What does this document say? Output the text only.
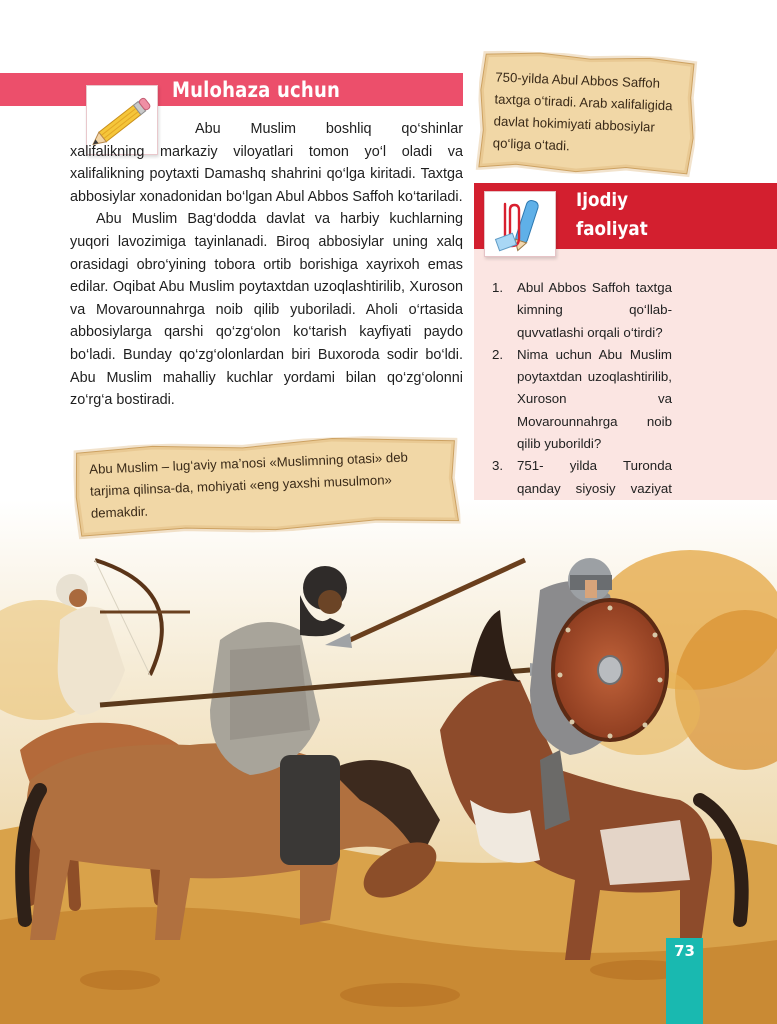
Mulohaza uchun

Abu Muslim boshliq qo‘shinlar xalifalikning markaziy viloyatlari tomon yo‘l oladi va xalifalikning poytaxti Damashq shahrini qo‘lga kiritadi. Taxtga abbosiylar xonadonidan bo‘lgan Abul Abbos Saffoh ko‘tariladi.

Abu Muslim Bag‘dodda davlat va harbiy kuchlarning yuqori lavozimiga tayinlanadi. Biroq abbosiylar uning xalq orasidagi obro‘yining tobora ortib borishiga xayrixoh emas edilar. Oqibat Abu Muslim poytaxtdan uzoqlashtirilib, Xuroson va Movarounnahrga noib qilib yuboriladi. Aholi o‘rtasida abbosiylarga qarshi qo‘zg‘olon ko‘tarish kayfiyati paydo bo‘ladi. Bunday qo‘zg‘olonlardan biri Buxoroda sodir bo‘ldi. Abu Muslim mahalliy kuchlar yordami bilan qo‘zg‘olonni zo‘rg‘a bostiradi.

750-yilda Abul Abbos Saffoh taxtga o‘tiradi. Arab xalifaligida davlat hokimiyati abbosiylar qo‘liga o‘tadi.
Ijodiy
faoliyat
1. Abul Abbos Saffoh taxtga kimning qo‘llab-quvvatlashi orqali o‘tirdi?
2. Nima uchun Abu Muslim poytaxtdan uzoqlashtirilib, Xuroson va Movarounnahrga noib qilib yuborildi?
3. 751- yilda Turonda qanday siyosiy vaziyat
Abu Muslim – lug‘aviy ma’nosi «Muslimning otasi» deb tarjima qilinsa-da, mohiyati «eng yaxshi musulmon» demakdir.
73
